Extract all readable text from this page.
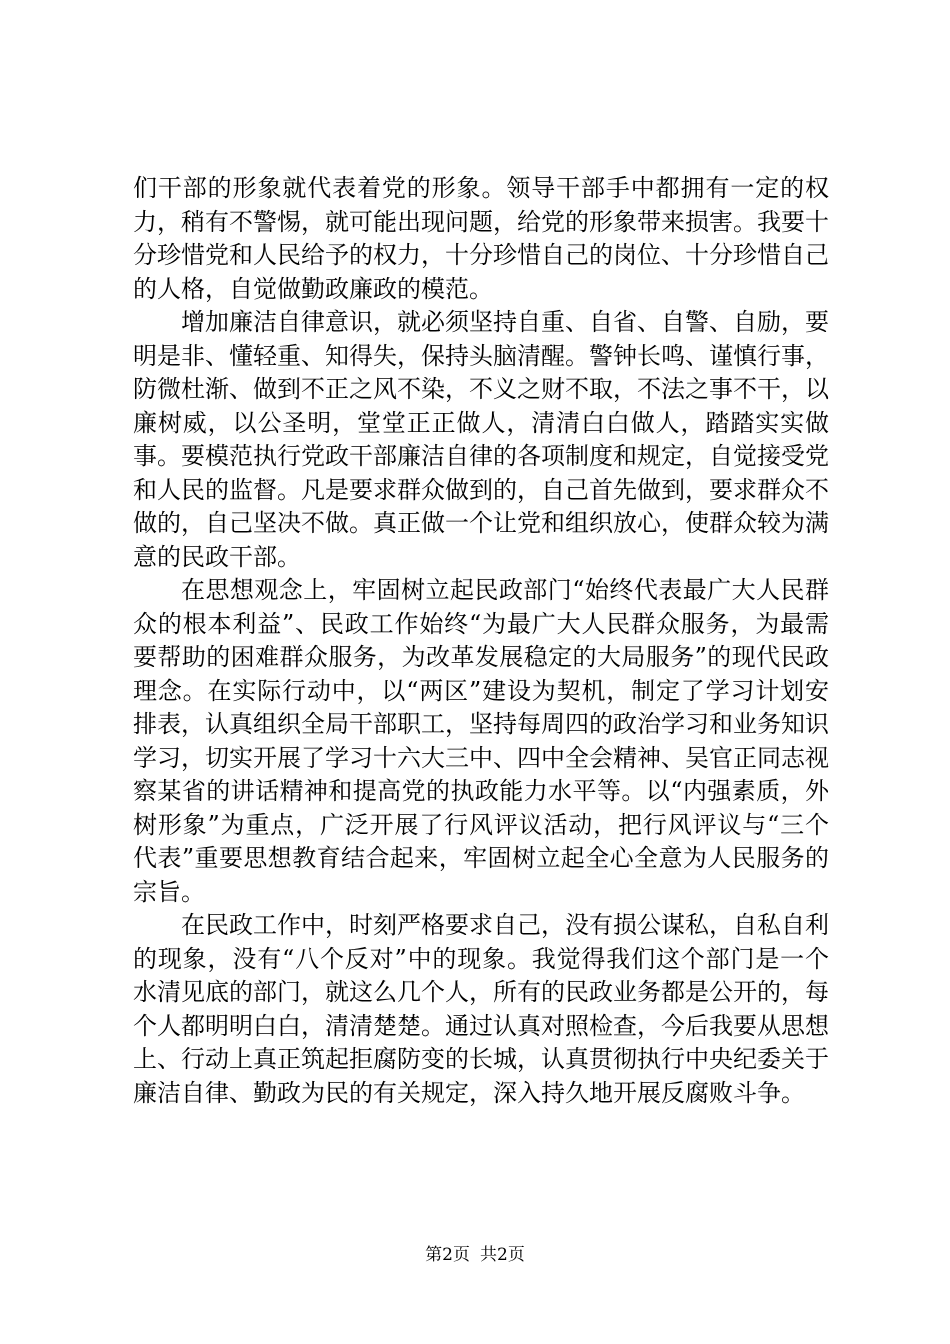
们干部的形象就代表着党的形象。领导干部手中都拥有一定的权力，稍有不警惕，就可能出现问题，给党的形象带来损害。我要十分珍惜党和人民给予的权力，十分珍惜自己的岗位、十分珍惜自己的人格，自觉做勤政廉政的模范。

增加廉洁自律意识，就必须坚持自重、自省、自警、自励，要明是非、懂轻重、知得失，保持头脑清醒。警钟长鸣、谨慎行事，防微杜渐、做到不正之风不染，不义之财不取，不法之事不干，以廉树威，以公圣明，堂堂正正做人，清清白白做人，踏踏实实做事。要模范执行党政干部廉洁自律的各项制度和规定，自觉接受党和人民的监督。凡是要求群众做到的，自己首先做到，要求群众不做的，自己坚决不做。真正做一个让党和组织放心，使群众较为满意的民政干部。

在思想观念上，牢固树立起民政部门“始终代表最广大人民群众的根本利益”、民政工作始终“为最广大人民群众服务，为最需要帮助的困难群众服务，为改革发展稳定的大局服务”的现代民政理念。在实际行动中，以“两区”建设为契机，制定了学习计划安排表，认真组织全局干部职工，坚持每周四的政治学习和业务知识学习，切实开展了学习十六大三中、四中全会精神、吴官正同志视察某省的讲话精神和提高党的执政能力水平等。以“内强素质，外树形象”为重点，广泛开展了行风评议活动，把行风评议与“三个代表”重要思想教育结合起来，牢固树立起全心全意为人民服务的宗旨。

在民政工作中，时刻严格要求自己，没有损公谋私，自私自利的现象，没有“八个反对”中的现象。我觉得我们这个部门是一个水清见底的部门，就这么几个人，所有的民政业务都是公开的，每个人都明明白白，清清楚楚。通过认真对照检查，今后我要从思想上、行动上真正筑起拒腐防变的长城，认真贯彻执行中央纪委关于廉洁自律、勤政为民的有关规定，深入持久地开展反腐败斗争。

第2页 共2页
